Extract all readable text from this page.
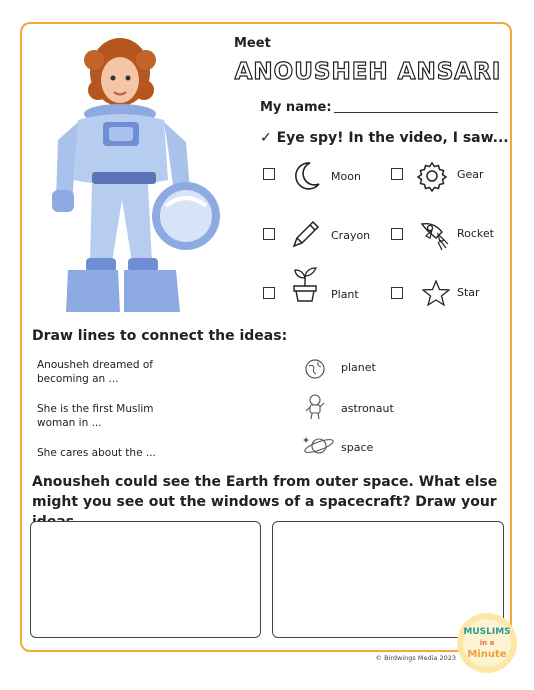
Meet
ANOUSHEH ANSARI
My name:
✓ Eye spy! In the video, I saw...
Moon	Gear
Crayon	Rocket
Plant	Star
Draw lines to connect the ideas:
Anousheh dreamed of becoming an ...
She is the first Muslim woman in ...
She cares about the ...
planet
astronaut
space
Anousheh could see the Earth from outer space. What else might you see out the windows of a spacecraft? Draw your
© Birdwings Media 2023
MUSLIMS
in a
Minute
